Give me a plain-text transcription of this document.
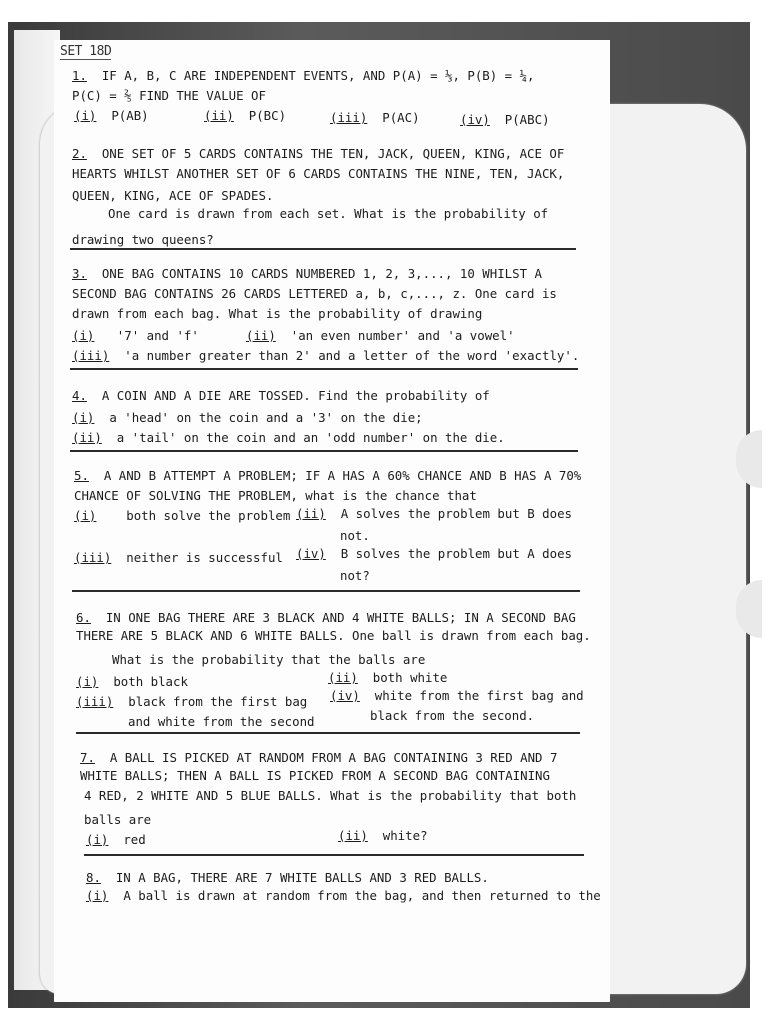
SET 18D
1. IF A, B, C ARE INDEPENDENT EVENTS, AND P(A) = ⅓, P(B) = ¼,
P(C) = ⅖ FIND THE VALUE OF
(i) P(AB)	(ii) P(BC)	(iii) P(AC)	(iv) P(ABC)
2. ONE SET OF 5 CARDS CONTAINS THE TEN, JACK, QUEEN, KING, ACE OF
HEARTS WHILST ANOTHER SET OF 6 CARDS CONTAINS THE NINE, TEN, JACK,
QUEEN, KING, ACE OF SPADES.
One card is drawn from each set. What is the probability of
drawing two queens?
3. ONE BAG CONTAINS 10 CARDS NUMBERED 1, 2, 3,..., 10 WHILST A
SECOND BAG CONTAINS 26 CARDS LETTERED a, b, c,..., z. One card is
drawn from each bag. What is the probability of drawing
(i) '7' and 'f'	(ii) 'an even number' and 'a vowel'
(iii) 'a number greater than 2' and a letter of the word 'exactly'.
4. A COIN AND A DIE ARE TOSSED. Find the probability of
(i) a 'head' on the coin and a '3' on the die;
(ii) a 'tail' on the coin and an 'odd number' on the die.
5. A AND B ATTEMPT A PROBLEM; IF A HAS A 60% CHANCE AND B HAS A 70%
CHANCE OF SOLVING THE PROBLEM, what is the chance that
(i) both solve the problem (ii) A solves the problem but B does
not.
(iii) neither is successful (iv) B solves the problem but A does
not?
6. IN ONE BAG THERE ARE 3 BLACK AND 4 WHITE BALLS; IN A SECOND BAG
THERE ARE 5 BLACK AND 6 WHITE BALLS. One ball is drawn from each bag.
What is the probability that the balls are
(i) both black	(ii) both white
(iii) black from the first bag
and white from the second
(iv) white from the first bag and
black from the second.
7. A BALL IS PICKED AT RANDOM FROM A BAG CONTAINING 3 RED AND 7
WHITE BALLS; THEN A BALL IS PICKED FROM A SECOND BAG CONTAINING
4 RED, 2 WHITE AND 5 BLUE BALLS. What is the probability that both
balls are
(i) red	(ii) white?
8. IN A BAG, THERE ARE 7 WHITE BALLS AND 3 RED BALLS.
(i) A ball is drawn at random from the bag, and then returned to the
